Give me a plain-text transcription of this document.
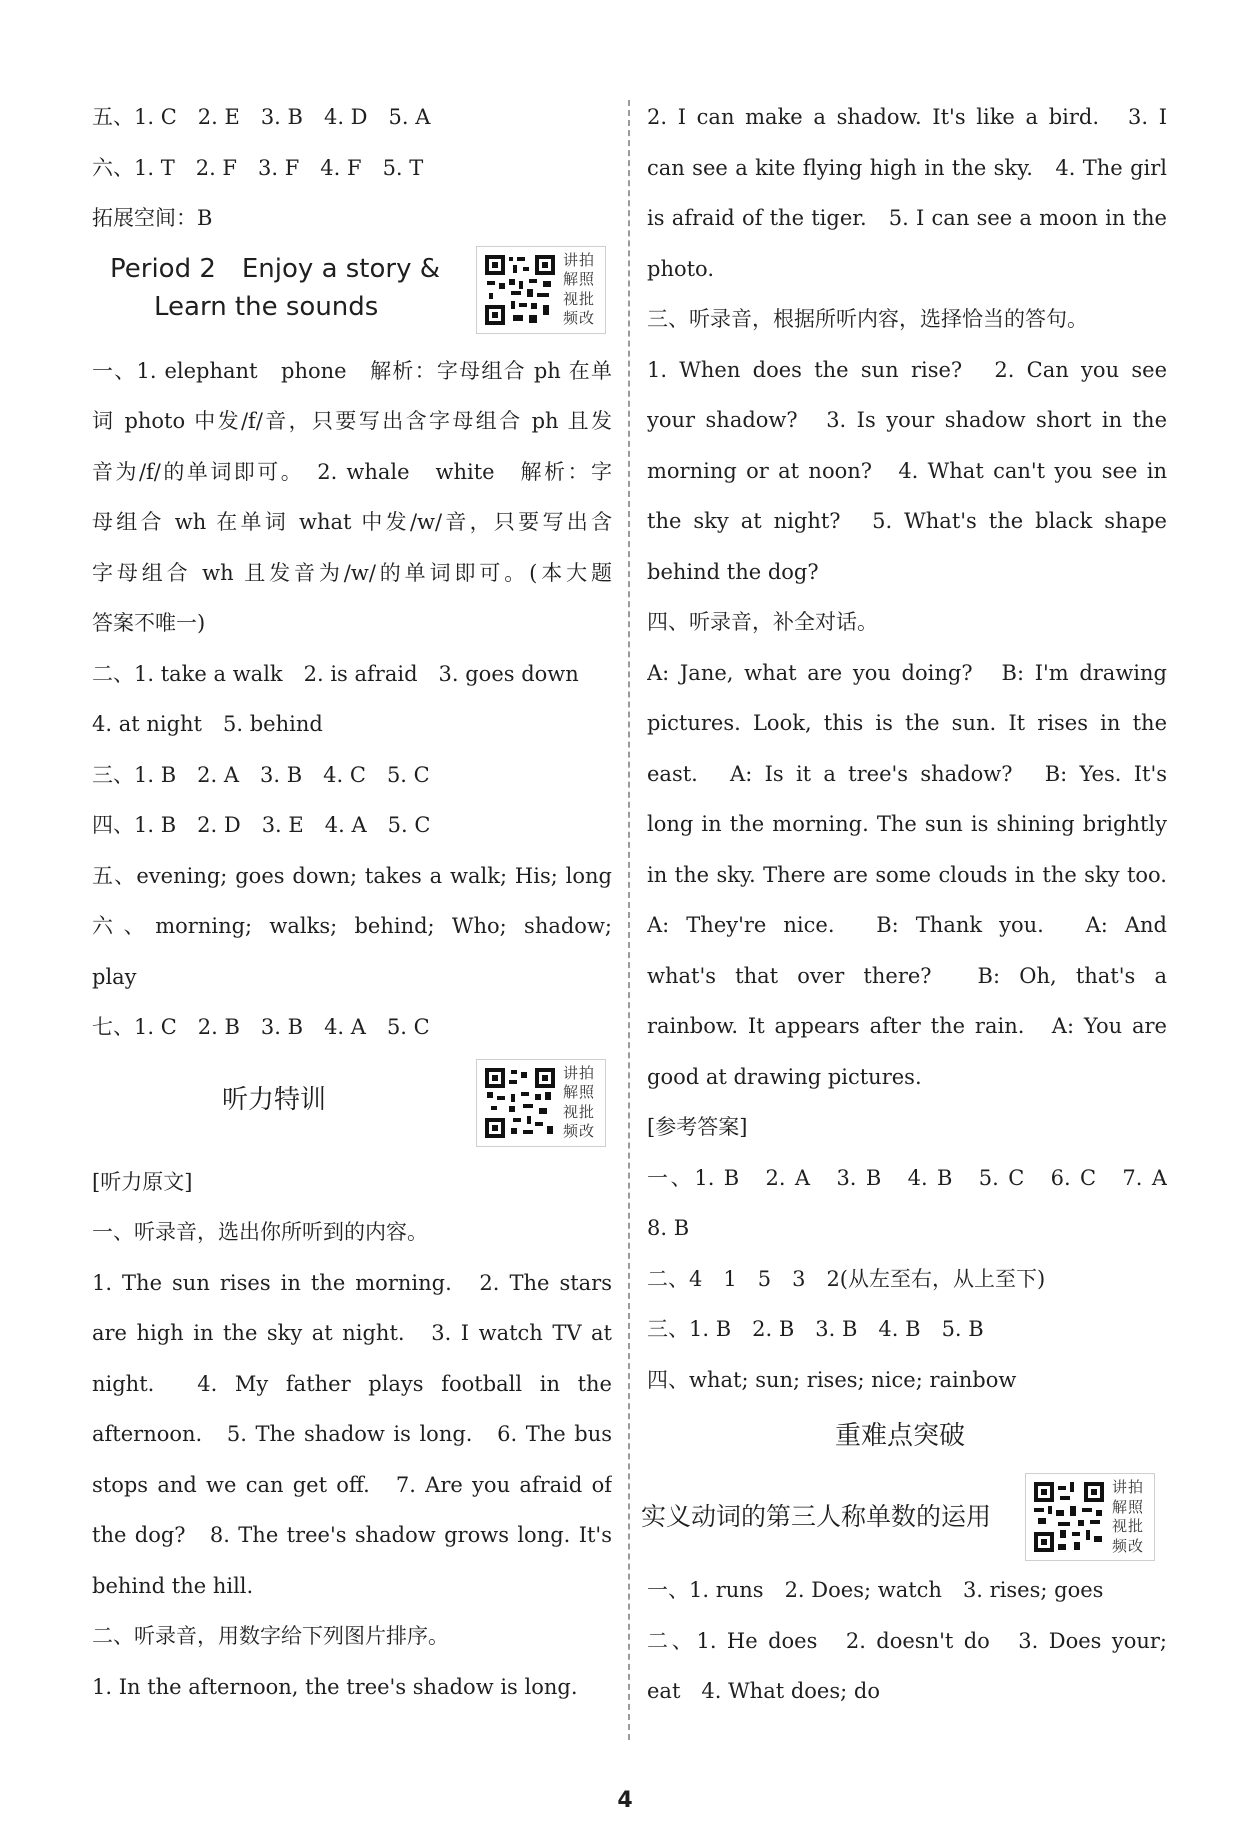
五、1. C　2. E　3. B　4. D　5. A
六、1. T　2. F　3. F　4. F　5. T
拓展空间：B
Period 2　Enjoy a story &
Learn the sounds
讲拍
解照
视批
频改
一、1. elephant　phone　解析：字母组合 ph 在单
词 photo 中发/f/音，只要写出含字母组合 ph 且发
音为/f/的单词即可。　2. whale　white　解析：字
母组合 wh 在单词 what 中发/w/音，只要写出含
字母组合 wh 且发音为/w/的单词即可。(本大题
答案不唯一)
二、1. take a walk　2. is afraid　3. goes down
4. at night　5. behind
三、1. B　2. A　3. B　4. C　5. C
四、1. B　2. D　3. E　4. A　5. C
五、evening; goes down; takes a walk; His; long
六、morning; walks; behind; Who; shadow;
play
七、1. C　2. B　3. B　4. A　5. C
听力特训
讲拍
解照
视批
频改
[听力原文]
一、听录音，选出你所听到的内容。
1. The sun rises in the morning.　2. The stars
are high in the sky at night.　3. I watch TV at
night.　4. My father plays football in the
afternoon.　5. The shadow is long.　6. The bus
stops and we can get off.　7. Are you afraid of
the dog?　8. The tree's shadow grows long. It's
behind the hill.
二、听录音，用数字给下列图片排序。
1. In the afternoon, the tree's shadow is long.
2. I can make a shadow. It's like a bird.　3. I
can see a kite flying high in the sky.　4. The girl
is afraid of the tiger.　5. I can see a moon in the
photo.
三、听录音，根据所听内容，选择恰当的答句。
1. When does the sun rise?　2. Can you see
your shadow?　3. Is your shadow short in the
morning or at noon?　4. What can't you see in
the sky at night?　5. What's the black shape
behind the dog?
四、听录音，补全对话。
A: Jane, what are you doing?　B: I'm drawing
pictures. Look, this is the sun. It rises in the
east.　A: Is it a tree's shadow?　B: Yes. It's
long in the morning. The sun is shining brightly
in the sky. There are some clouds in the sky too.
A: They're nice.　B: Thank you.　A: And
what's that over there?　B: Oh, that's a
rainbow. It appears after the rain.　A: You are
good at drawing pictures.
[参考答案]
一、1. B　2. A　3. B　4. B　5. C　6. C　7. A
8. B
二、4　1　5　3　2(从左至右，从上至下)
三、1. B　2. B　3. B　4. B　5. B
四、what; sun; rises; nice; rainbow
重难点突破
实义动词的第三人称单数的运用
讲拍
解照
视批
频改
一、1. runs　2. Does; watch　3. rises; goes
二、1. He does　2. doesn't do　3. Does your;
eat　4. What does; do
4
